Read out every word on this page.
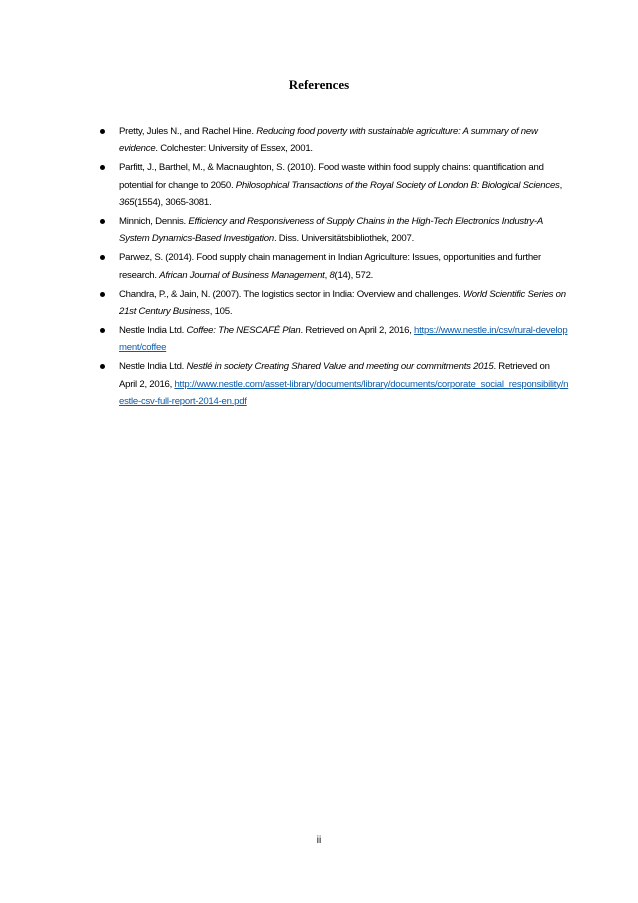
References
Pretty, Jules N., and Rachel Hine. Reducing food poverty with sustainable agriculture: A summary of new evidence. Colchester: University of Essex, 2001.
Parfitt, J., Barthel, M., & Macnaughton, S. (2010). Food waste within food supply chains: quantification and potential for change to 2050. Philosophical Transactions of the Royal Society of London B: Biological Sciences, 365(1554), 3065-3081.
Minnich, Dennis. Efficiency and Responsiveness of Supply Chains in the High-Tech Electronics Industry-A System Dynamics-Based Investigation. Diss. Universitätsbibliothek, 2007.
Parwez, S. (2014). Food supply chain management in Indian Agriculture: Issues, opportunities and further research. African Journal of Business Management, 8(14), 572.
Chandra, P., & Jain, N. (2007). The logistics sector in India: Overview and challenges. World Scientific Series on 21st Century Business, 105.
Nestle India Ltd. Coffee: The NESCAFÉ Plan. Retrieved on April 2, 2016, https://www.nestle.in/csv/rural-development/coffee
Nestle India Ltd. Nestlé in society Creating Shared Value and meeting our commitments 2015. Retrieved on April 2, 2016, http://www.nestle.com/asset-library/documents/library/documents/corporate_social_responsibility/nestle-csv-full-report-2014-en.pdf
ii
